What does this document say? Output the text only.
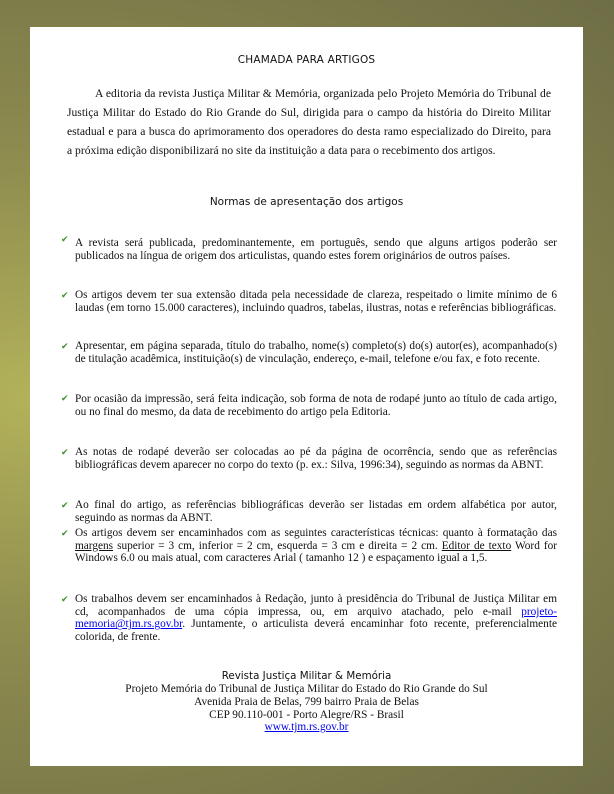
CHAMADA PARA ARTIGOS

A editoria da revista Justiça Militar & Memória, organizada pelo Projeto Memória do Tribunal de Justiça Militar do Estado do Rio Grande do Sul, dirigida para o campo da história do Direito Militar estadual e para a busca do aprimoramento dos operadores do desta ramo especializado do Direito, para a próxima edição disponibilizará no site da instituição a data para o recebimento dos artigos.

Normas de apresentação dos artigos
✔ A revista será publicada, predominantemente, em português, sendo que alguns artigos poderão ser publicados na língua de origem dos articulistas, quando estes forem originários de outros países.
✔ Os artigos devem ter sua extensão ditada pela necessidade de clareza, respeitado o limite mínimo de 6 laudas (em torno 15.000 caracteres), incluindo quadros, tabelas, ilustras, notas e referências bibliográficas.
✔ Apresentar, em página separada, título do trabalho, nome(s) completo(s) do(s) autor(es), acompanhado(s) de titulação acadêmica, instituição(s) de vinculação, endereço, e-mail, telefone e/ou fax, e foto recente.
✔ Por ocasião da impressão, será feita indicação, sob forma de nota de rodapé junto ao título de cada artigo, ou no final do mesmo, da data de recebimento do artigo pela Editoria.
✔ As notas de rodapé deverão ser colocadas ao pé da página de ocorrência, sendo que as referências bibliográficas devem aparecer no corpo do texto (p. ex.: Silva, 1996:34), seguindo as normas da ABNT.
✔ Ao final do artigo, as referências bibliográficas deverão ser listadas em ordem alfabética por autor, seguindo as normas da ABNT.
✔ Os artigos devem ser encaminhados com as seguintes características técnicas: quanto à formatação das margens superior = 3 cm, inferior = 2 cm, esquerda = 3 cm e direita = 2 cm. Editor de texto Word for Windows 6.0 ou mais atual, com caracteres Arial ( tamanho 12 ) e espaçamento igual a 1,5.
✔ Os trabalhos devem ser encaminhados à Redação, junto à presidência do Tribunal de Justiça Militar em cd, acompanhados de uma cópia impressa, ou, em arquivo atachado, pelo e-mail projeto-memoria@tjm.rs.gov.br. Juntamente, o articulista deverá encaminhar foto recente, preferencialmente colorida, de frente.
Revista Justiça Militar & Memória
Projeto Memória do Tribunal de Justiça Militar do Estado do Rio Grande do Sul
Avenida Praia de Belas, 799 bairro Praia de Belas
CEP 90.110-001 - Porto Alegre/RS - Brasil
www.tjm.rs.gov.br
